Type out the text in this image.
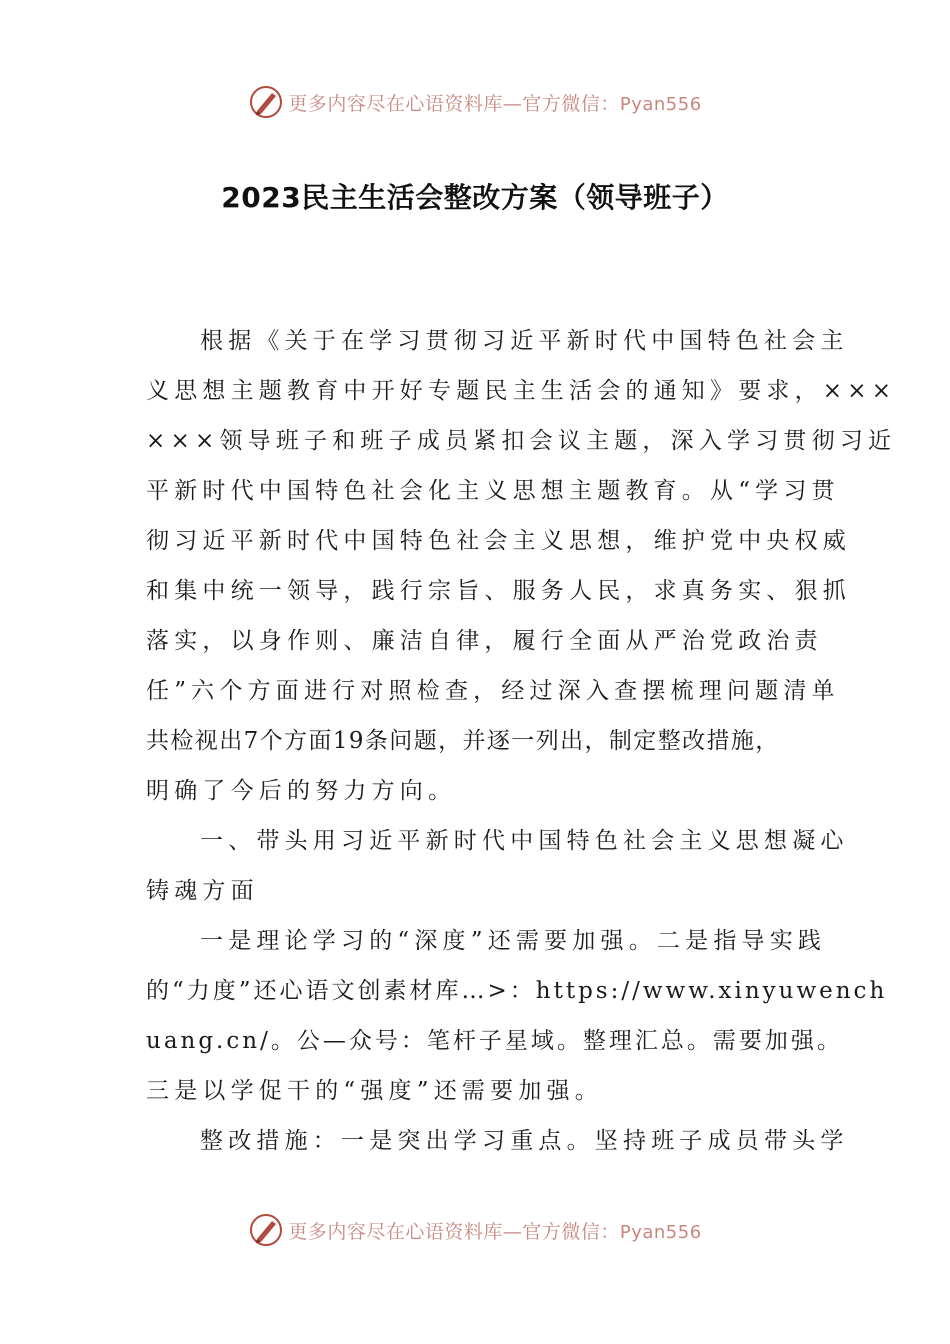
更多内容尽在心语资料库—官方微信：Pyan556
2023民主生活会整改方案（领导班子）
根据《关于在学习贯彻习近平新时代中国特色社会主
义思想主题教育中开好专题民主生活会的通知》要求，×××
×××领导班子和班子成员紧扣会议主题，深入学习贯彻习近
平新时代中国特色社会化主义思想主题教育。从“学习贯
彻习近平新时代中国特色社会主义思想，维护党中央权威
和集中统一领导，践行宗旨、服务人民，求真务实、狠抓
落实，以身作则、廉洁自律，履行全面从严治党政治责
任”六个方面进行对照检查，经过深入查摆梳理问题清单
共检视出7个方面19条问题，并逐一列出，制定整改措施，
明确了今后的努力方向。
一、带头用习近平新时代中国特色社会主义思想凝心
铸魂方面
一是理论学习的“深度”还需要加强。二是指导实践
的“力度”还心语文创素材库…>：https://www.xinyuwench
uang.cn/。公—众号：笔杆子星域。整理汇总。需要加强。
三是以学促干的“强度”还需要加强。
整改措施：一是突出学习重点。坚持班子成员带头学
更多内容尽在心语资料库—官方微信：Pyan556
